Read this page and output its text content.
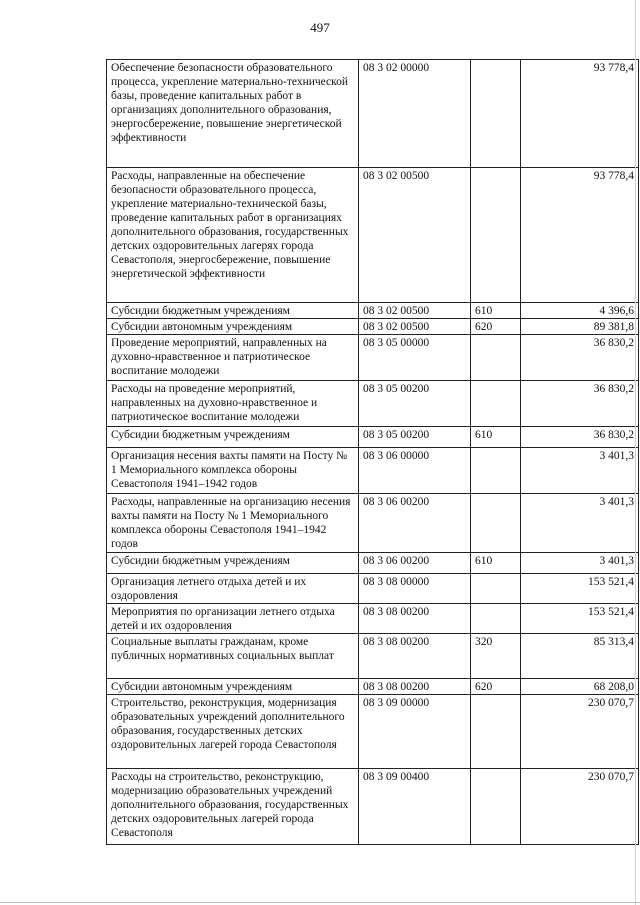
497
Обеспечение безопасности образовательного процесса, укрепление материально-технической базы, проведение капитальных работ в организациях дополнительного образования, энергосбережение, повышение энергетической эффективности	08 3 02 00000		93 778,4
Расходы, направленные на обеспечение безопасности образовательного процесса, укрепление материально-технической базы, проведение капитальных работ в организациях дополнительного образования, государственных детских оздоровительных лагерях города Севастополя, энергосбережение, повышение энергетической эффективности	08 3 02 00500		93 778,4
Субсидии бюджетным учреждениям	08 3 02 00500	610	4 396,6
Субсидии автономным учреждениям	08 3 02 00500	620	89 381,8
Проведение мероприятий, направленных на духовно-нравственное и патриотическое воспитание молодежи	08 3 05 00000		36 830,2
Расходы на проведение мероприятий, направленных на духовно-нравственное и патриотическое воспитание молодежи	08 3 05 00200		36 830,2
Субсидии бюджетным учреждениям	08 3 05 00200	610	36 830,2
Организация несения вахты памяти на Посту № 1 Мемориального комплекса обороны Севастополя 1941–1942 годов	08 3 06 00000		3 401,3
Расходы, направленные на организацию несения вахты памяти на Посту № 1 Мемориального комплекса обороны Севастополя 1941–1942 годов	08 3 06 00200		3 401,3
Субсидии бюджетным учреждениям	08 3 06 00200	610	3 401,3
Организация летнего отдыха детей и их оздоровления	08 3 08 00000		153 521,4
Мероприятия по организации летнего отдыха детей и их оздоровления	08 3 08 00200		153 521,4
Социальные выплаты гражданам, кроме публичных нормативных социальных выплат	08 3 08 00200	320	85 313,4
Субсидии автономным учреждениям	08 3 08 00200	620	68 208,0
Строительство, реконструкция, модернизация образовательных учреждений дополнительного образования, государственных детских оздоровительных лагерей города Севастополя	08 3 09 00000		230 070,7
Расходы на строительство, реконструкцию, модернизацию образовательных учреждений дополнительного образования, государственных детских оздоровительных лагерей города Севастополя	08 3 09 00400		230 070,7
